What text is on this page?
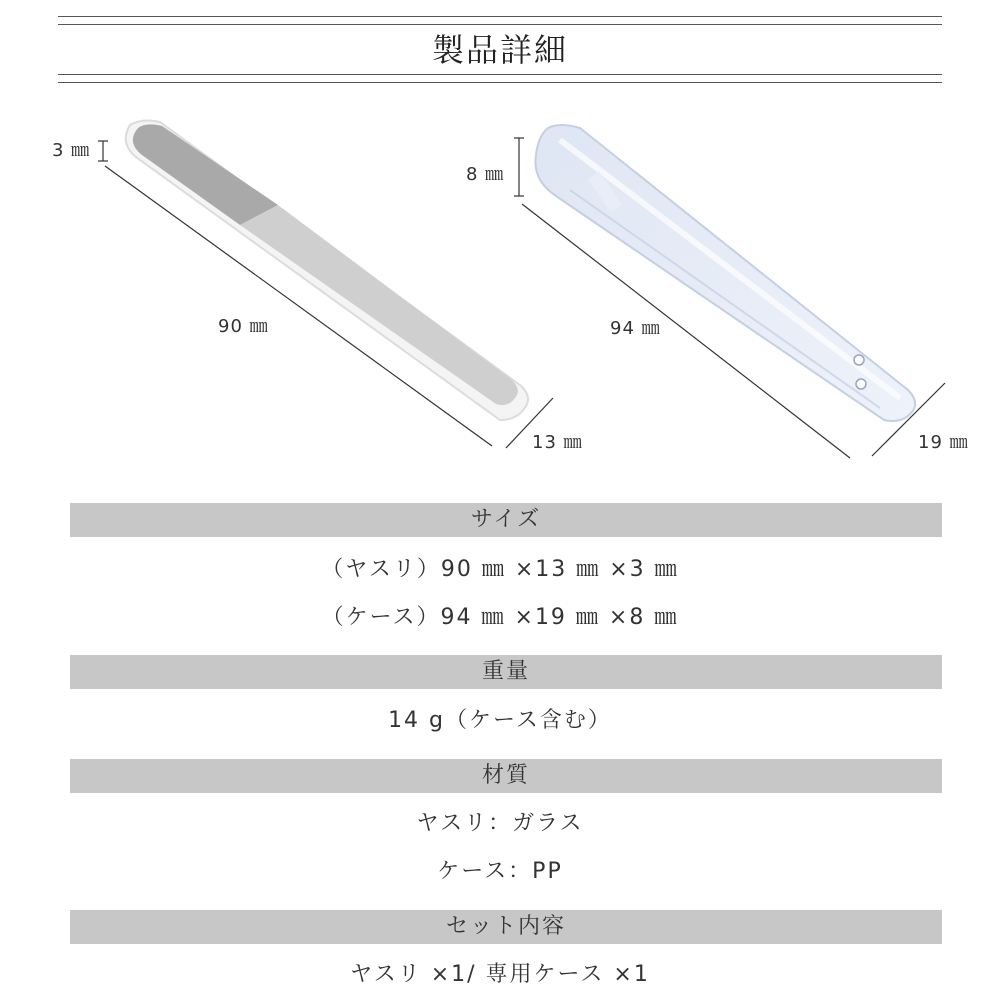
製品詳細
3 ㎜
90 ㎜
13 ㎜
8 ㎜
94 ㎜
19 ㎜
サイズ
（ヤスリ）90 ㎜ ×13 ㎜ ×3 ㎜
（ケース）94 ㎜ ×19 ㎜ ×8 ㎜
重量
14 g（ケース含む）
材質
ヤスリ：ガラス
ケース：PP
セット内容
ヤスリ ×1/ 専用ケース ×1
